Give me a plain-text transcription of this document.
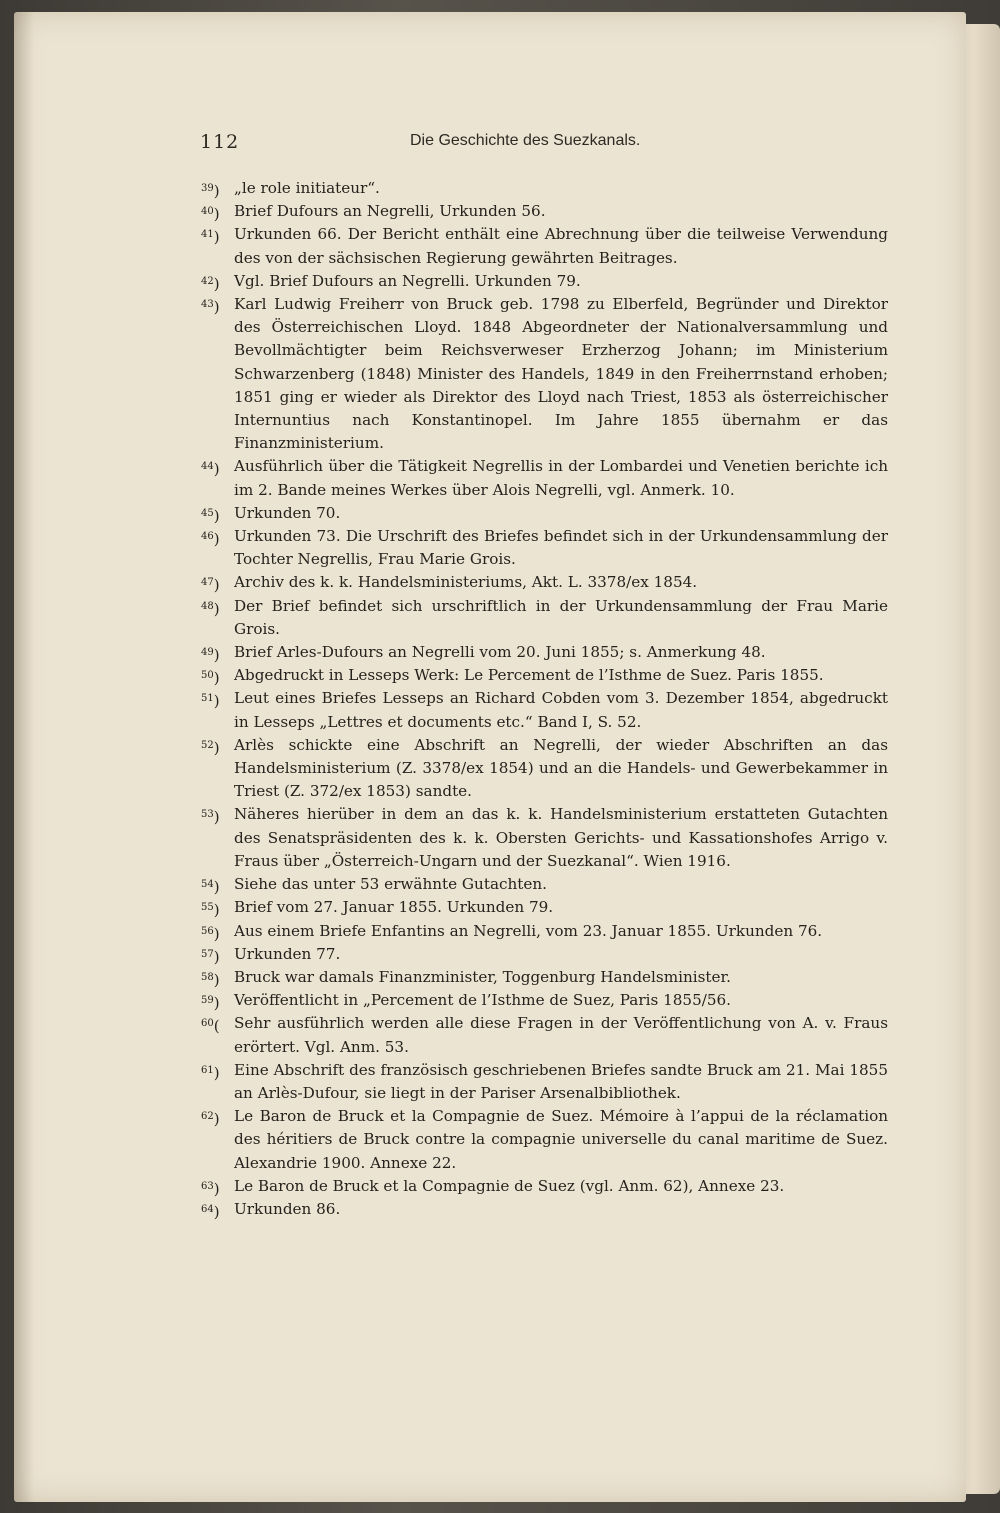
112	Die Geschichte des Suezkanals.
$^{39}$) „le role initiateur“.
$^{40}$) Brief Dufours an Negrelli, Urkunden 56.
$^{41}$) Urkunden 66. Der Bericht enthält eine Abrechnung über die teilweise Verwendung des von der sächsischen Regierung gewährten Beitrages.
$^{42}$) Vgl. Brief Dufours an Negrelli. Urkunden 79.
$^{43}$) Karl Ludwig Freiherr von Bruck geb. 1798 zu Elberfeld, Begründer und Direktor des Österreichischen Lloyd. 1848 Abgeordneter der Nationalversammlung und Bevollmächtigter beim Reichsverweser Erzherzog Johann; im Ministerium Schwarzenberg (1848) Minister des Handels, 1849 in den Freiherrnstand erhoben; 1851 ging er wieder als Direktor des Lloyd nach Triest, 1853 als österreichischer Internuntius nach Konstantinopel. Im Jahre 1855 übernahm er das Finanzministerium.
$^{44}$) Ausführlich über die Tätigkeit Negrellis in der Lombardei und Venetien berichte ich im 2. Bande meines Werkes über Alois Negrelli, vgl. Anmerk. 10.
$^{45}$) Urkunden 70.
$^{46}$) Urkunden 73. Die Urschrift des Briefes befindet sich in der Urkundensammlung der Tochter Negrellis, Frau Marie Grois.
$^{47}$) Archiv des k. k. Handelsministeriums, Akt. L. 3378/ex 1854.
$^{48}$) Der Brief befindet sich urschriftlich in der Urkundensammlung der Frau Marie Grois.
$^{49}$) Brief Arles-Dufours an Negrelli vom 20. Juni 1855; s. Anmerkung 48.
$^{50}$) Abgedruckt in Lesseps Werk: Le Percement de l’Isthme de Suez. Paris 1855.
$^{51}$) Leut eines Briefes Lesseps an Richard Cobden vom 3. Dezember 1854, abgedruckt in Lesseps „Lettres et documents etc.“ Band I, S. 52.
$^{52}$) Arlès schickte eine Abschrift an Negrelli, der wieder Abschriften an das Handelsministerium (Z. 3378/ex 1854) und an die Handels- und Gewerbekammer in Triest (Z. 372/ex 1853) sandte.
$^{53}$) Näheres hierüber in dem an das k. k. Handelsministerium erstatteten Gutachten des Senatspräsidenten des k. k. Obersten Gerichts- und Kassationshofes Arrigo v. Fraus über „Österreich-Ungarn und der Suezkanal“. Wien 1916.
$^{54}$) Siehe das unter 53 erwähnte Gutachten.
$^{55}$) Brief vom 27. Januar 1855. Urkunden 79.
$^{56}$) Aus einem Briefe Enfantins an Negrelli, vom 23. Januar 1855. Urkunden 76.
$^{57}$) Urkunden 77.
$^{58}$) Bruck war damals Finanzminister, Toggenburg Handelsminister.
$^{59}$) Veröffentlicht in „Percement de l’Isthme de Suez, Paris 1855/56.
$^{60}$( Sehr ausführlich werden alle diese Fragen in der Veröffentlichung von A. v. Fraus erörtert. Vgl. Anm. 53.
$^{61}$) Eine Abschrift des französisch geschriebenen Briefes sandte Bruck am 21. Mai 1855 an Arlès-Dufour, sie liegt in der Pariser Arsenalbibliothek.
$^{62}$) Le Baron de Bruck et la Compagnie de Suez. Mémoire à l’appui de la réclamation des héritiers de Bruck contre la compagnie universelle du canal maritime de Suez. Alexandrie 1900. Annexe 22.
$^{63}$) Le Baron de Bruck et la Compagnie de Suez (vgl. Anm. 62), Annexe 23.
$^{64}$) Urkunden 86.
